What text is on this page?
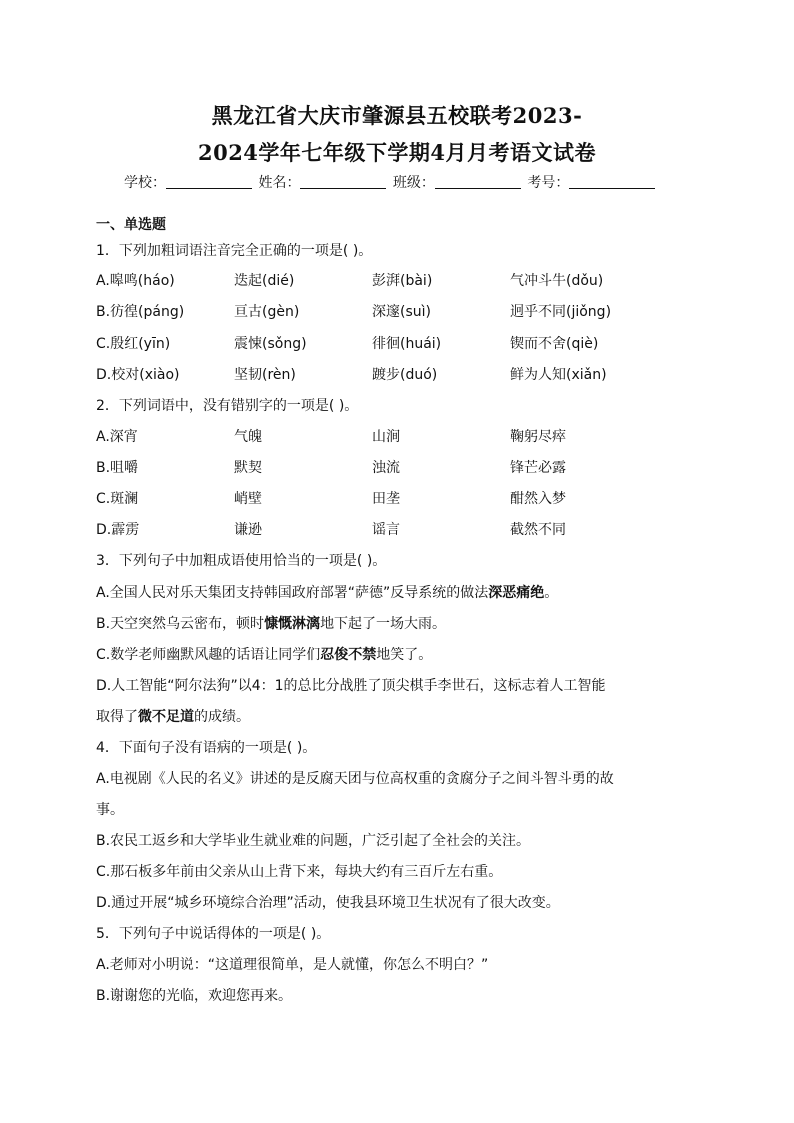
黑龙江省大庆市肇源县五校联考2023-
2024学年七年级下学期4月月考语文试卷
学校：	姓名：	班级：	考号：
一、单选题
1．下列加粗词语注音完全正确的一项是( )。
A.嗥鸣(háo)	迭起(dié)	彭湃(bài)	气冲斗牛(dǒu)
B.彷徨(páng)	亘古(gèn)	深邃(suì)	迥乎不同(jiǒng)
C.殷红(yīn)	震悚(sǒng)	徘徊(huái)	锲而不舍(qiè)
D.校对(xiào)	坚韧(rèn)	踱步(duó)	鲜为人知(xiǎn)
2．下列词语中，没有错别字的一项是( )。
A.深宵	气魄	山涧	鞠躬尽瘁
B.咀嚼	默契	浊流	锋芒必露
C.斑澜	峭壁	田垄	酣然入梦
D.霹雳	谦逊	谣言	截然不同
3．下列句子中加粗成语使用恰当的一项是( )。
A.全国人民对乐天集团支持韩国政府部署“萨德”反导系统的做法深恶痛绝。
B.天空突然乌云密布，顿时慷慨淋漓地下起了一场大雨。
C.数学老师幽默风趣的话语让同学们忍俊不禁地笑了。
D.人工智能“阿尔法狗”以4：1的总比分战胜了顶尖棋手李世石，这标志着人工智能
取得了微不足道的成绩。
4．下面句子没有语病的一项是( )。
A.电视剧《人民的名义》讲述的是反腐天团与位高权重的贪腐分子之间斗智斗勇的故
事。
B.农民工返乡和大学毕业生就业难的问题，广泛引起了全社会的关注。
C.那石板多年前由父亲从山上背下来，每块大约有三百斤左右重。
D.通过开展“城乡环境综合治理”活动，使我县环境卫生状况有了很大改变。
5．下列句子中说话得体的一项是( )。
A.老师对小明说：“这道理很简单，是人就懂，你怎么不明白？”
B.谢谢您的光临，欢迎您再来。
